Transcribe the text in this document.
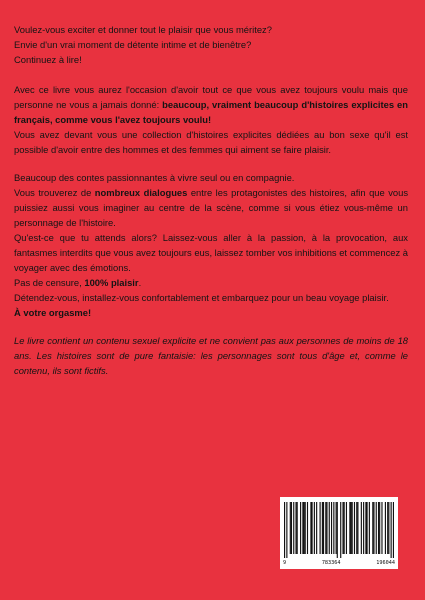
Voulez-vous exciter et donner tout le plaisir que vous méritez?

Envie d'un vrai moment de détente intime et de bienêtre?

Continuez à lire!

Avec ce livre vous aurez l'occasion d'avoir tout ce que vous avez toujours voulu mais que personne ne vous a jamais donné: beaucoup, vraiment beaucoup d'histoires explicites en français, comme vous l'avez toujours voulu!

Vous avez devant vous une collection d'histoires explicites dédiées au bon sexe qu'il est possible d'avoir entre des hommes et des femmes qui aiment se faire plaisir.

Beaucoup des contes passionnantes à vivre seul ou en compagnie.

Vous trouverez de nombreux dialogues entre les protagonistes des histoires, afin que vous puissiez aussi vous imaginer au centre de la scène, comme si vous étiez vous-même un personnage de l'histoire.

Qu'est-ce que tu attends alors? Laissez-vous aller à la passion, à la provocation, aux fantasmes interdits que vous avez toujours eus, laissez tomber vos inhibitions et commencez à voyager avec des émotions.

Pas de censure, 100% plaisir.

Détendez-vous, installez-vous confortablement et embarquez pour un beau voyage plaisir.

À votre orgasme!

Le livre contient un contenu sexuel explicite et ne convient pas aux personnes de moins de 18 ans. Les histoires sont de pure fantaisie: les personnages sont tous d'âge et, comme le contenu, ils sont fictifs.

9	783364	196044
